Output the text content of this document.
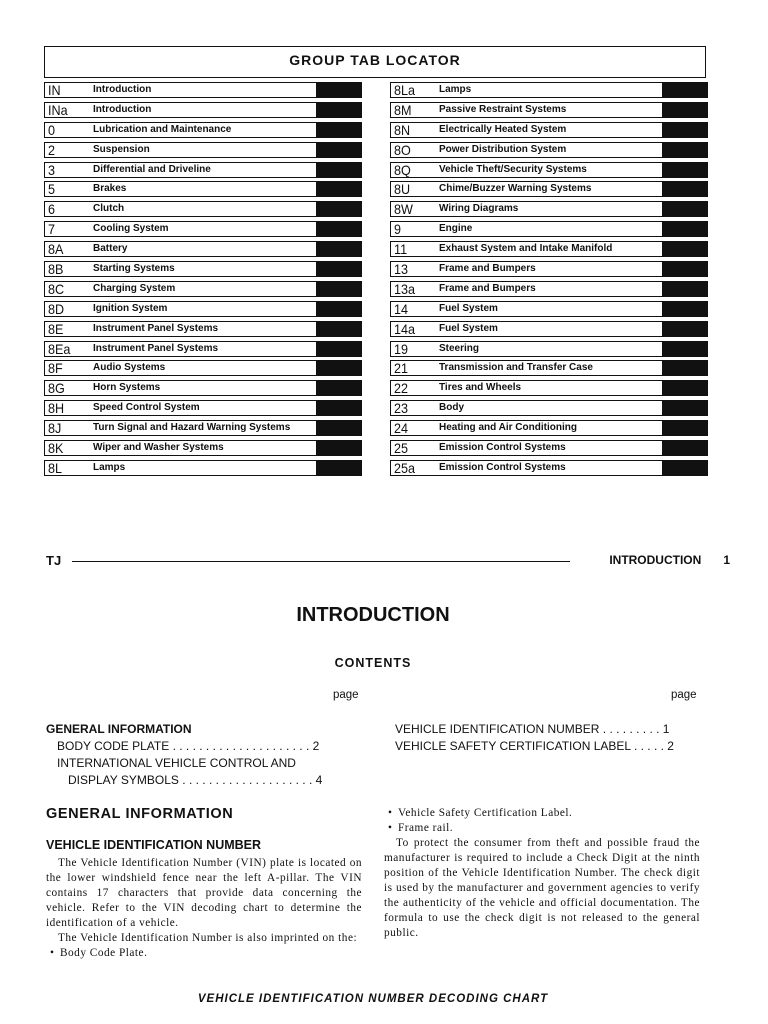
GROUP TAB LOCATOR
IN	Introduction
INa	Introduction
0	Lubrication and Maintenance
2	Suspension
3	Differential and Driveline
5	Brakes
6	Clutch
7	Cooling System
8A	Battery
8B	Starting Systems
8C	Charging System
8D	Ignition System
8E	Instrument Panel Systems
8Ea Instrument Panel Systems
8F	Audio Systems
8G	Horn Systems
8H	Speed Control System
8J	Turn Signal and Hazard Warning Systems
8K	Wiper and Washer Systems
8L	Lamps
8La Lamps
8M	Passive Restraint Systems
8N	Electrically Heated System
8O	Power Distribution System
8Q	Vehicle Theft/Security Systems
8U	Chime/Buzzer Warning Systems
8W	Wiring Diagrams
9	Engine
11	Exhaust System and Intake Manifold
13	Frame and Bumpers
13a Frame and Bumpers
14	Fuel System
14a Fuel System
19	Steering
21	Transmission and Transfer Case
22	Tires and Wheels
23	Body
24	Heating and Air Conditioning
25	Emission Control Systems
25a Emission Control Systems
TJ	INTRODUCTION 1
INTRODUCTION
CONTENTS
page	page
GENERAL INFORMATION
BODY CODE PLATE . . . . . . . . . . . . . . . . . . . . . 2
INTERNATIONAL VEHICLE CONTROL AND
DISPLAY SYMBOLS . . . . . . . . . . . . . . . . . . . . 4
VEHICLE IDENTIFICATION NUMBER . . . . . . . . . 1
VEHICLE SAFETY CERTIFICATION LABEL . . . . . 2
GENERAL INFORMATION
VEHICLE IDENTIFICATION NUMBER
The Vehicle Identification Number (VIN) plate is located on the lower windshield fence near the left A-pillar. The VIN contains 17 characters that provide data concerning the vehicle. Refer to the VIN decoding chart to determine the identification of a vehicle.
The Vehicle Identification Number is also imprinted on the:
• Body Code Plate.
• Vehicle Safety Certification Label.
• Frame rail.
To protect the consumer from theft and possible fraud the manufacturer is required to include a Check Digit at the ninth position of the Vehicle Identification Number. The check digit is used by the manufacturer and government agencies to verify the authenticity of the vehicle and official documentation. The formula to use the check digit is not released to the general public.
VEHICLE IDENTIFICATION NUMBER DECODING CHART
